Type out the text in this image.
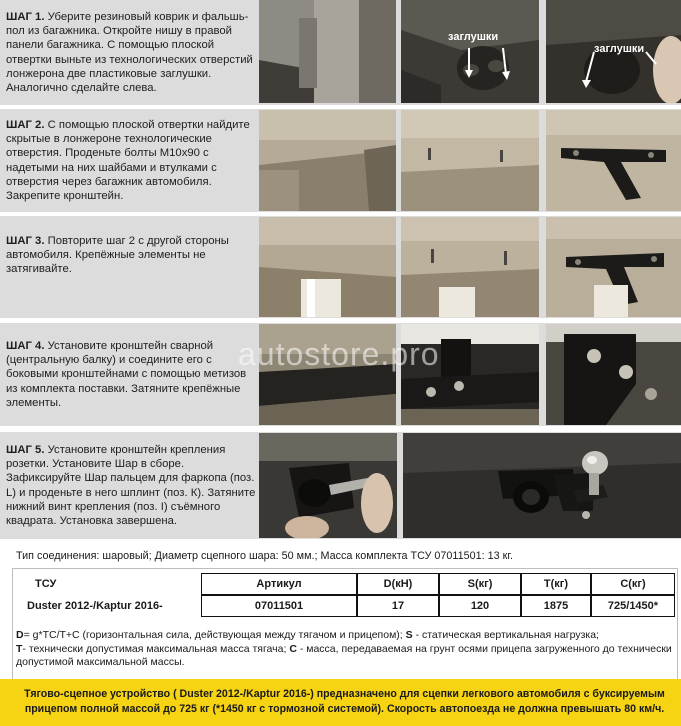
ШАГ 1. Уберите резиновый коврик и фальшь-пол из багажника. Откройте нишу в правой панели багажника. С помощью плоской отвертки выньте из технологических отверстий лонжерона две пластиковые заглушки. Аналогично сделайте слева.

заглушки
заглушки

ШАГ 2. С помощью плоской отвертки найдите скрытые в лонжероне технологические отверстия. Проденьте болты М10х90 с надетыми на них шайбами и втулками с отверстия через багажник автомобиля. Закрепите кронштейн.

ШАГ 3. Повторите шаг 2 с другой стороны автомобиля. Крепёжные элементы не затягивайте.

ШАГ 4. Установите кронштейн сварной (центральную балку) и соедините его с боковыми кронштейнами с помощью метизов из комплекта поставки. Затяните крепёжные элементы.

autostore.pro

ШАГ 5. Установите кронштейн крепления розетки. Установите Шар в сборе. Зафиксируйте Шар пальцем для фаркопа (поз. L) и проденьте в него шплинт (поз. К). Затяните нижний винт крепления (поз. I) съёмного квадрата. Установка завершена.

Тип соединения: шаровый; Диаметр сцепного шара: 50 мм.; Масса комплекта ТСУ 07011501: 13 кг.
ТСУ	Артикул	D(кН)	S(кг)	T(кг)	C(кг)
Duster 2012-/Kaptur 2016-	07011501	17	120	1875	725/1450*
D= g*TC/T+C (горизонтальная сила, действующая между тягачом и прицепом); S - статическая вертикальная нагрузка;
T- технически допустимая максимальная масса тягача; C - масса, передаваемая на грунт осями прицепа загруженного до технически допустимой максимальной массы.
Тягово-сцепное устройство ( Duster 2012-/Kaptur 2016-) предназначено для сцепки легкового автомобиля с буксируемым прицепом полной массой до 725 кг (*1450 кг с тормозной системой). Скорость автопоезда не должна превышать 80 км/ч.
